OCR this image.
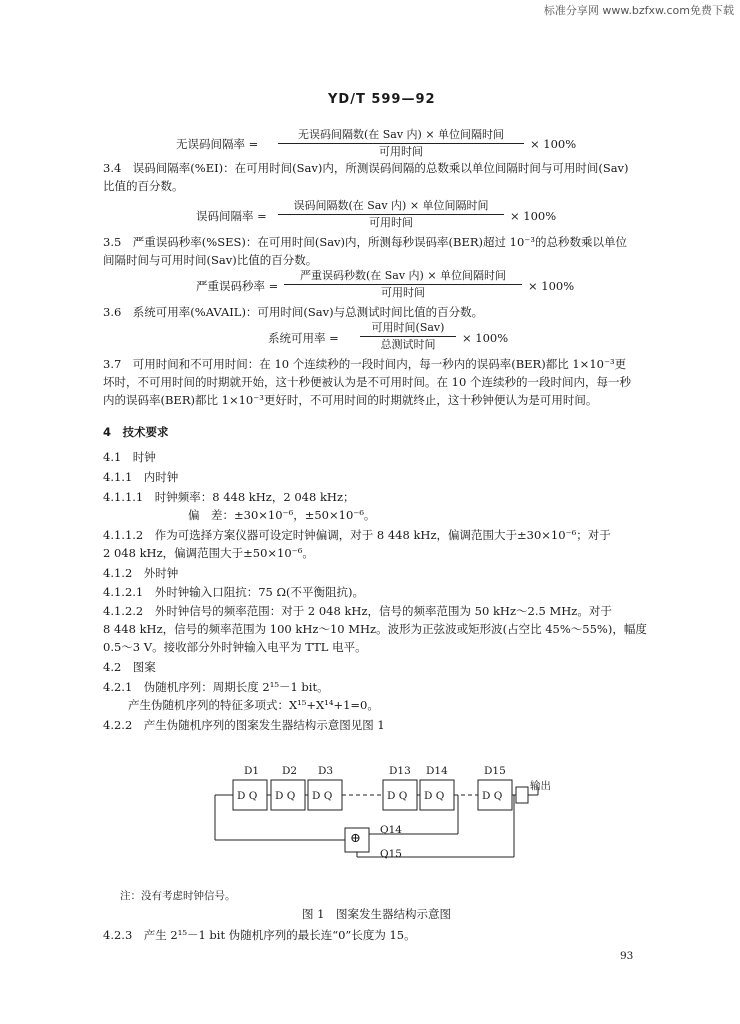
标准分享网 www.bzfxw.com免费下载
YD/T 599—92
无误码间隔率 =
无误码间隔数(在 Sav 内) × 单位间隔时间
可用时间
× 100%
3.4　误码间隔率(%EI)：在可用时间(Sav)内，所测误码间隔的总数乘以单位间隔时间与可用时间(Sav)
比值的百分数。
误码间隔率 =
误码间隔数(在 Sav 内) × 单位间隔时间
可用时间	× 100%
3.5　严重误码秒率(%SES)：在可用时间(Sav)内，所测每秒误码率(BER)超过 10⁻³的总秒数乘以单位
间隔时间与可用时间(Sav)比值的百分数。
严重误码秒率 =
严重误码秒数(在 Sav 内) × 单位间隔时间
可用时间	× 100%
3.6　系统可用率(%AVAIL)：可用时间(Sav)与总测试时间比值的百分数。
系统可用率 =
可用时间(Sav)
总测试时间	× 100%
3.7　可用时间和不可用时间：在 10 个连续秒的一段时间内，每一秒内的误码率(BER)都比 1×10⁻³更
坏时，不可用时间的时期就开始，这十秒便被认为是不可用时间。在 10 个连续秒的一段时间内，每一秒
内的误码率(BER)都比 1×10⁻³更好时，不可用时间的时期就终止，这十秒钟便认为是可用时间。
4　技术要求
4.1　时钟
4.1.1　内时钟
4.1.1.1　时钟频率：8 448 kHz，2 048 kHz；
偏　差：±30×10⁻⁶，±50×10⁻⁶。
4.1.1.2　作为可选择方案仪器可设定时钟偏调，对于 8 448 kHz，偏调范围大于±30×10⁻⁶；对于
2 048 kHz，偏调范围大于±50×10⁻⁶。
4.1.2　外时钟
4.1.2.1　外时钟输入口阻抗：75 Ω(不平衡阻抗)。
4.1.2.2　外时钟信号的频率范围：对于 2 048 kHz，信号的频率范围为 50 kHz～2.5 MHz。对于
8 448 kHz，信号的频率范围为 100 kHz～10 MHz。波形为正弦波或矩形波(占空比 45%～55%)，幅度
0.5～3 V。接收部分外时钟输入电平为 TTL 电平。
4.2　图案
4.2.1　伪随机序列：周期长度 2¹⁵－1 bit。
产生伪随机序列的特征多项式：X¹⁵+X¹⁴+1=0。
4.2.2　产生伪随机序列的图案发生器结构示意图见图 1
D1 D2 D3	D13 D14	D15
D Q D Q D Q	D Q D Q	D Q
输出
Q14
Q15
⊕
注：没有考虑时钟信号。
图 1　图案发生器结构示意图
4.2.3　产生 2¹⁵－1 bit 伪随机序列的最长连“0”长度为 15。
93
